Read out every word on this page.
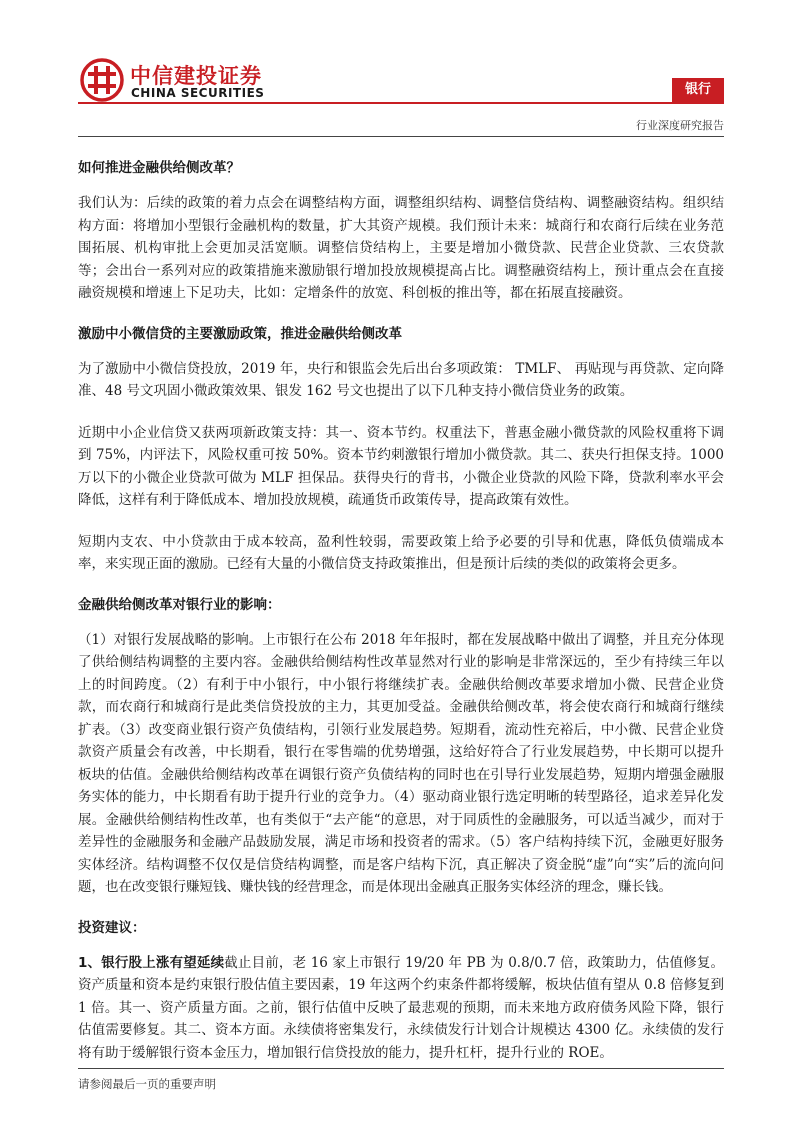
中信建投证券
CHINA SECURITIES	银行
行业深度研究报告
如何推进金融供给侧改革？
我们认为：后续的政策的着力点会在调整结构方面，调整组织结构、调整信贷结构、调整融资结构。组织结构方面：将增加小型银行金融机构的数量，扩大其资产规模。我们预计未来：城商行和农商行后续在业务范围拓展、机构审批上会更加灵活宽顺。调整信贷结构上，主要是增加小微贷款、民营企业贷款、三农贷款等；会出台一系列对应的政策措施来激励银行增加投放规模提高占比。调整融资结构上，预计重点会在直接融资规模和增速上下足功夫，比如：定增条件的放宽、科创板的推出等，都在拓展直接融资。
激励中小微信贷的主要激励政策，推进金融供给侧改革
为了激励中小微信贷投放，2019 年，央行和银监会先后出台多项政策： TMLF、 再贴现与再贷款、定向降准、48 号文巩固小微政策效果、银发 162 号文也提出了以下几种支持小微信贷业务的政策。
近期中小企业信贷又获两项新政策支持：其一、资本节约。权重法下，普惠金融小微贷款的风险权重将下调到 75%，内评法下，风险权重可按 50%。资本节约刺激银行增加小微贷款。其二、获央行担保支持。1000 万以下的小微企业贷款可做为 MLF 担保品。获得央行的背书，小微企业贷款的风险下降，贷款利率水平会降低，这样有利于降低成本、增加投放规模，疏通货币政策传导，提高政策有效性。
短期内支农、中小贷款由于成本较高，盈利性较弱，需要政策上给予必要的引导和优惠，降低负债端成本率，来实现正面的激励。已经有大量的小微信贷支持政策推出，但是预计后续的类似的政策将会更多。
金融供给侧改革对银行业的影响：
（1）对银行发展战略的影响。上市银行在公布 2018 年年报时，都在发展战略中做出了调整，并且充分体现了供给侧结构调整的主要内容。金融供给侧结构性改革显然对行业的影响是非常深远的，至少有持续三年以上的时间跨度。（2）有利于中小银行，中小银行将继续扩表。金融供给侧改革要求增加小微、民营企业贷款，而农商行和城商行是此类信贷投放的主力，其更加受益。金融供给侧改革，将会使农商行和城商行继续扩表。（3）改变商业银行资产负债结构，引领行业发展趋势。短期看，流动性充裕后，中小微、民营企业贷款资产质量会有改善，中长期看，银行在零售端的优势增强，这给好符合了行业发展趋势，中长期可以提升板块的估值。金融供给侧结构改革在调银行资产负债结构的同时也在引导行业发展趋势，短期内增强金融服务实体的能力，中长期看有助于提升行业的竞争力。（4）驱动商业银行选定明晰的转型路径，追求差异化发展。金融供给侧结构性改革，也有类似于“去产能“的意思，对于同质性的金融服务，可以适当减少，而对于差异性的金融服务和金融产品鼓励发展，满足市场和投资者的需求。（5）客户结构持续下沉，金融更好服务实体经济。结构调整不仅仅是信贷结构调整，而是客户结构下沉，真正解决了资金脱“虚”向“实”后的流向问题，也在改变银行赚短钱、赚快钱的经营理念，而是体现出金融真正服务实体经济的理念，赚长钱。
投资建议：
1、银行股上涨有望延续截止目前，老 16 家上市银行 19/20 年 PB 为 0.8/0.7 倍，政策助力，估值修复。资产质量和资本是约束银行股估值主要因素，19 年这两个约束条件都将缓解，板块估值有望从 0.8 倍修复到 1 倍。其一、资产质量方面。之前，银行估值中反映了最悲观的预期，而未来地方政府债务风险下降，银行估值需要修复。其二、资本方面。永续债将密集发行，永续债发行计划合计规模达 4300 亿。永续债的发行将有助于缓解银行资本金压力，增加银行信贷投放的能力，提升杠杆，提升行业的 ROE。
请参阅最后一页的重要声明
